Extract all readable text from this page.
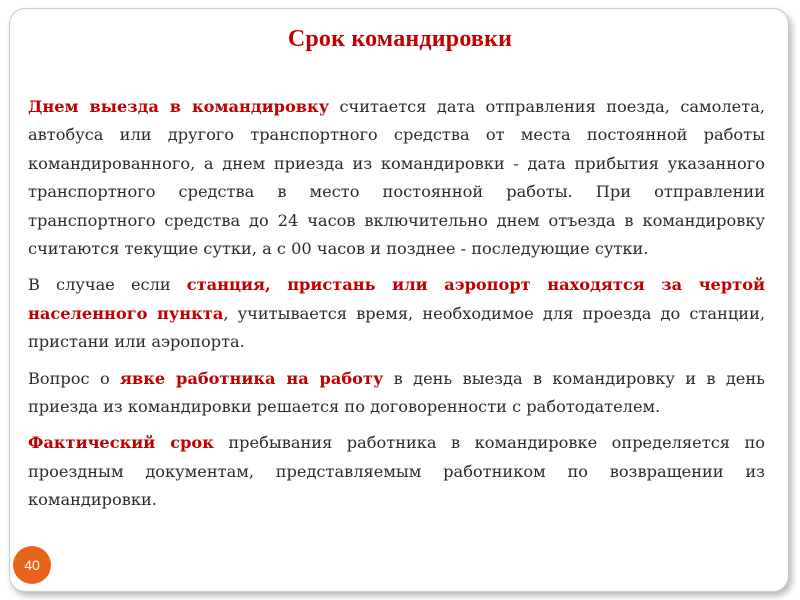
Срок командировки

Днем выезда в командировку считается дата отправления поезда, самолета, автобуса или другого транспортного средства от места постоянной работы командированного, а днем приезда из командировки - дата прибытия указанного транспортного средства в место постоянной работы. При отправлении транспортного средства до 24 часов включительно днем отъезда в командировку считаются текущие сутки, а с 00 часов и позднее - последующие сутки.

В случае если станция, пристань или аэропорт находятся за чертой населенного пункта, учитывается время, необходимое для проезда до станции, пристани или аэропорта.

Вопрос о явке работника на работу в день выезда в командировку и в день приезда из командировки решается по договоренности с работодателем.

Фактический срок пребывания работника в командировке определяется по проездным документам, представляемым работником по возвращении из командировки.

40
